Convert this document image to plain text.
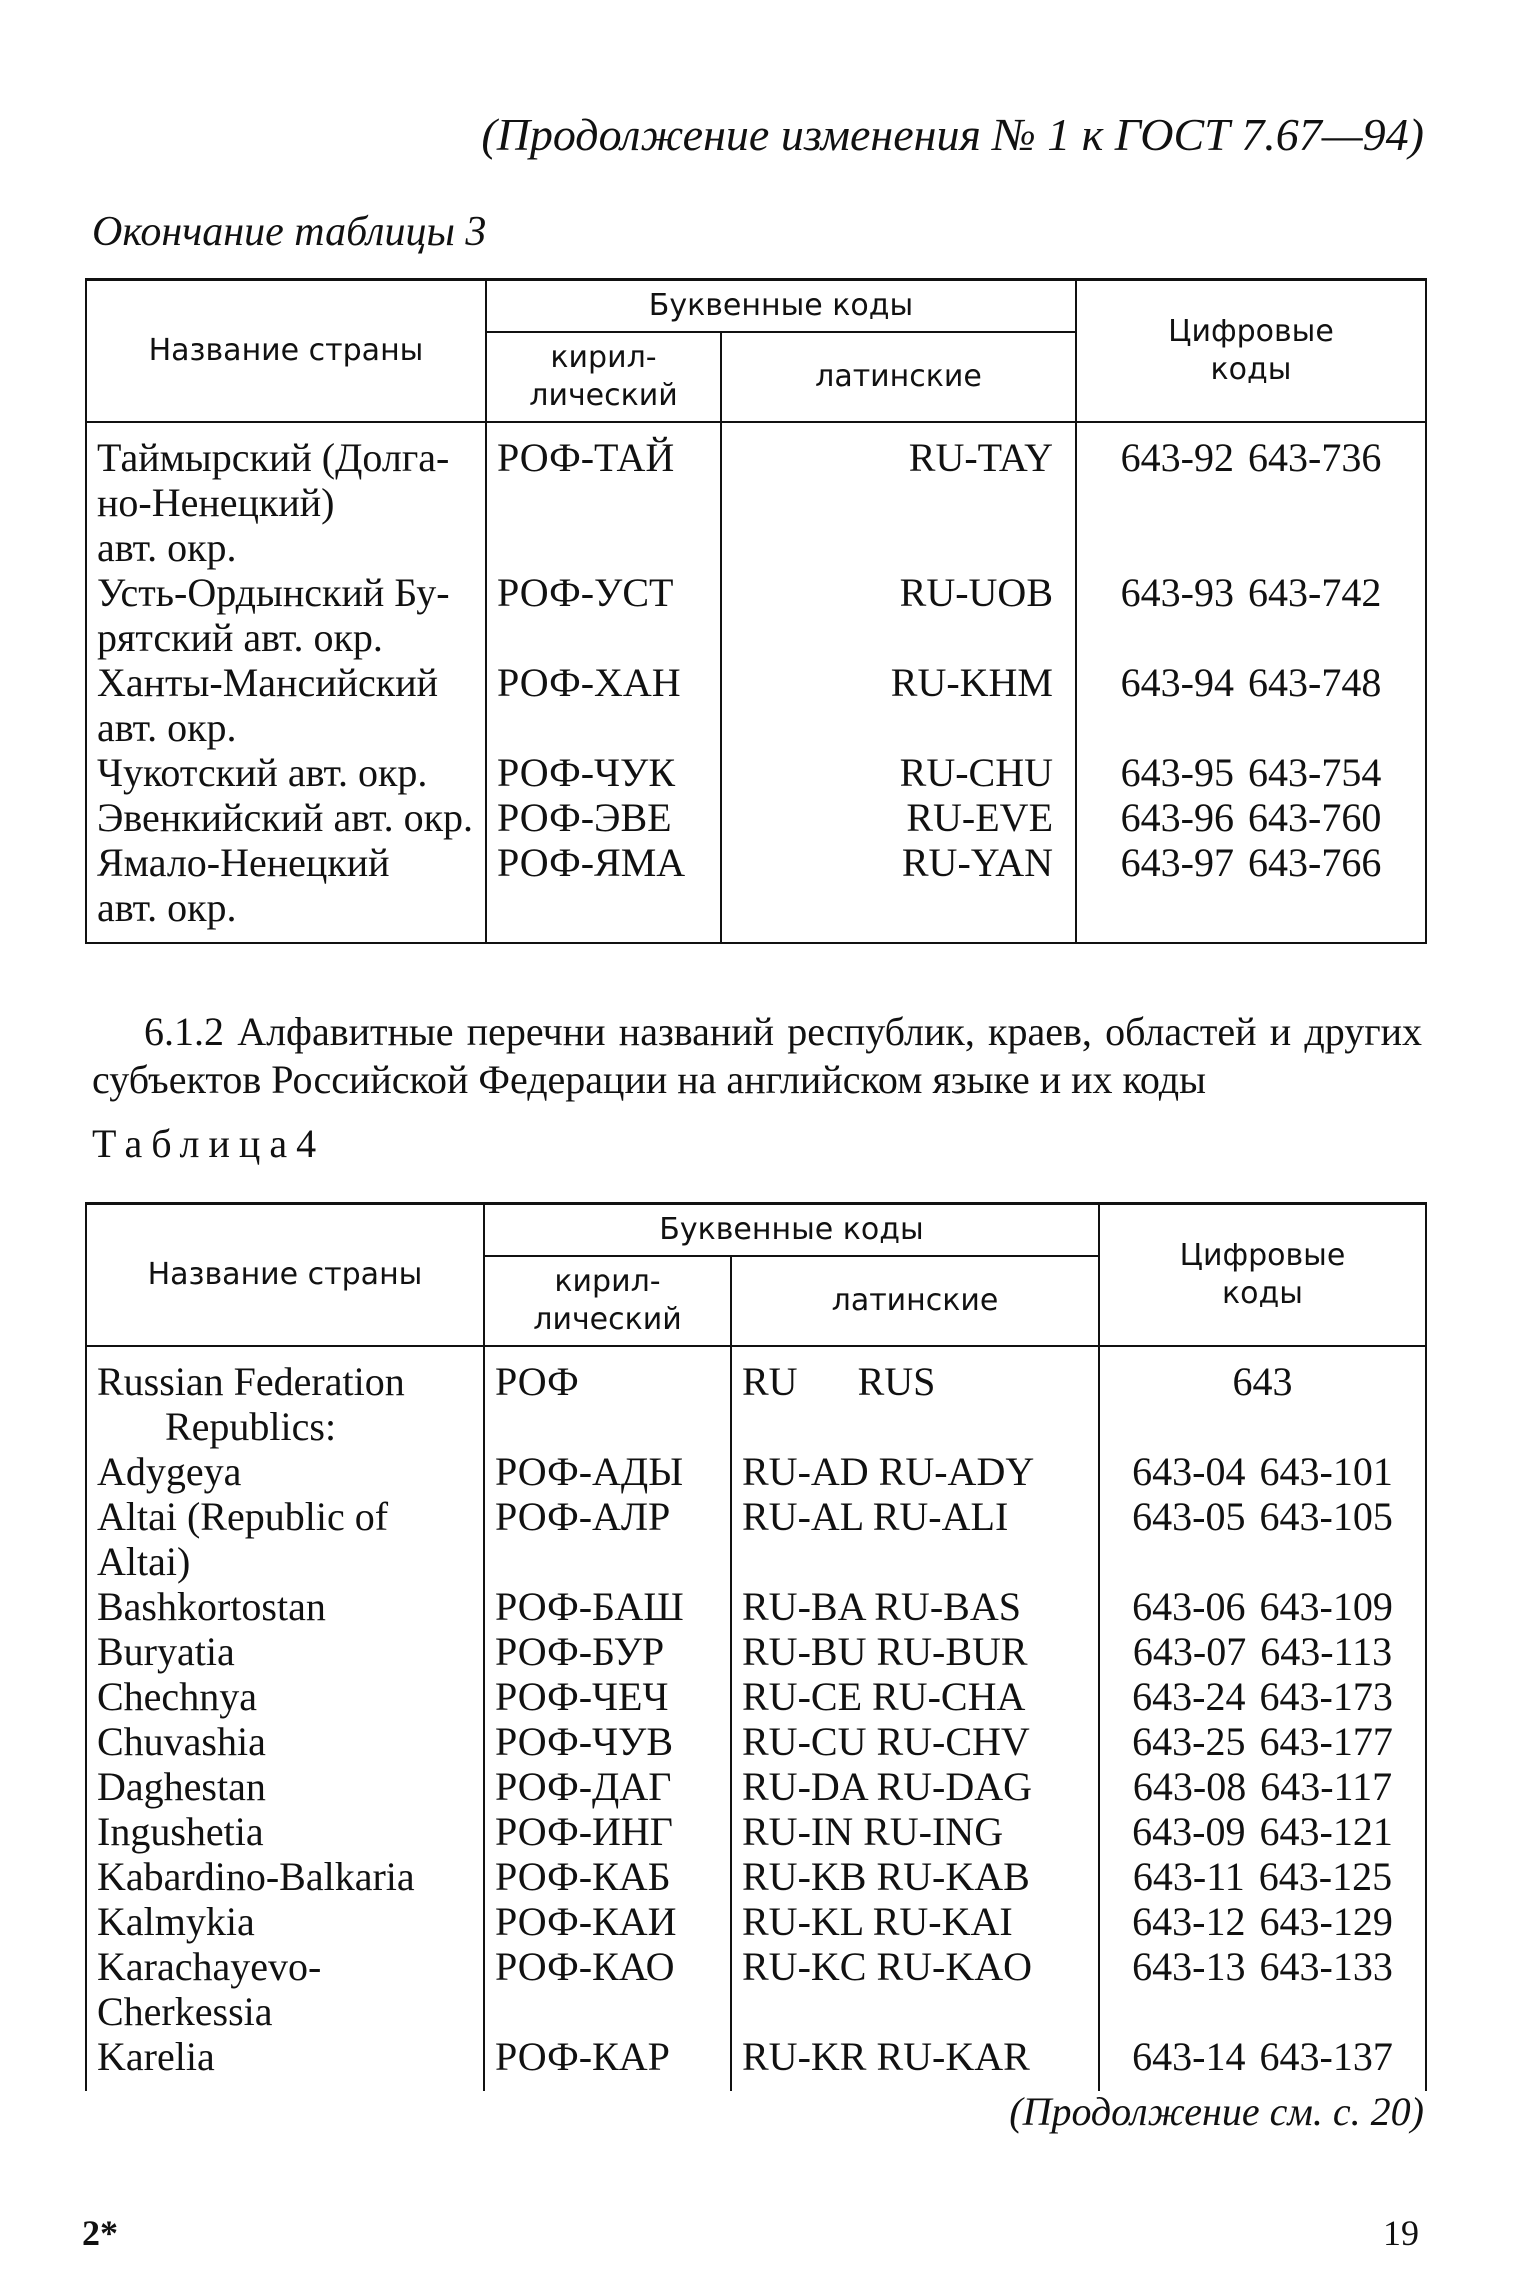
(Продолжение изменения № 1 к ГОСТ 7.67—94)
Окончание таблицы 3
Название страны	Буквенные коды		Цифровые
коды
	кирил-
лический	латинские	
Таймырский (Долга-
но-Ненецкий)
авт. окр.	РОФ-ТАЙ	RU-TAY	643-92 643-736
Усть-Ордынский Бу-
рятский авт. окр.	РОФ-УСТ	RU-UOB	643-93 643-742
Ханты-Мансийский
авт. окр.	РОФ-ХАН	RU-KHM	643-94 643-748
Чукотский авт. окр.	РОФ-ЧУК	RU-CHU	643-95 643-754
Эвенкийский авт. окр.	РОФ-ЭВЕ	RU-EVE	643-96 643-760
Ямало-Ненецкий
авт. окр.	РОФ-ЯМА	RU-YAN	643-97 643-766
6.1.2 Алфавитные перечни названий республик, краев, областей и других субъектов Российской Федерации на английском языке и их коды
Таблица4
Название страны	Буквенные коды		Цифровые
коды
	кирил-
лический	латинские	
Russian Federation
Republics:	РОФ	RU RUS	643
Adygeya	РОФ-АДЫ	RU-AD RU-ADY	643-04 643-101
Altai (Republic of Altai)	РОФ-АЛР	RU-AL RU-ALI	643-05 643-105
Bashkortostan	РОФ-БАШ	RU-BA RU-BAS	643-06 643-109
Buryatia	РОФ-БУР	RU-BU RU-BUR	643-07 643-113
Chechnya	РОФ-ЧЕЧ	RU-CE RU-CHA	643-24 643-173
Chuvashia	РОФ-ЧУВ	RU-CU RU-CHV	643-25 643-177
Daghestan	РОФ-ДАГ	RU-DA RU-DAG	643-08 643-117
Ingushetia	РОФ-ИНГ	RU-IN RU-ING	643-09 643-121
Kabardino-Balkaria	РОФ-КАБ	RU-KB RU-KAB	643-11 643-125
Kalmykia	РОФ-КАИ	RU-KL RU-KAI	643-12 643-129
Karachayevo-
Cherkessia	РОФ-КАО	RU-KC RU-KAO	643-13 643-133
Karelia	РОФ-КАР	RU-KR RU-KAR	643-14 643-137
(Продолжение см. с. 20)
2*	19
